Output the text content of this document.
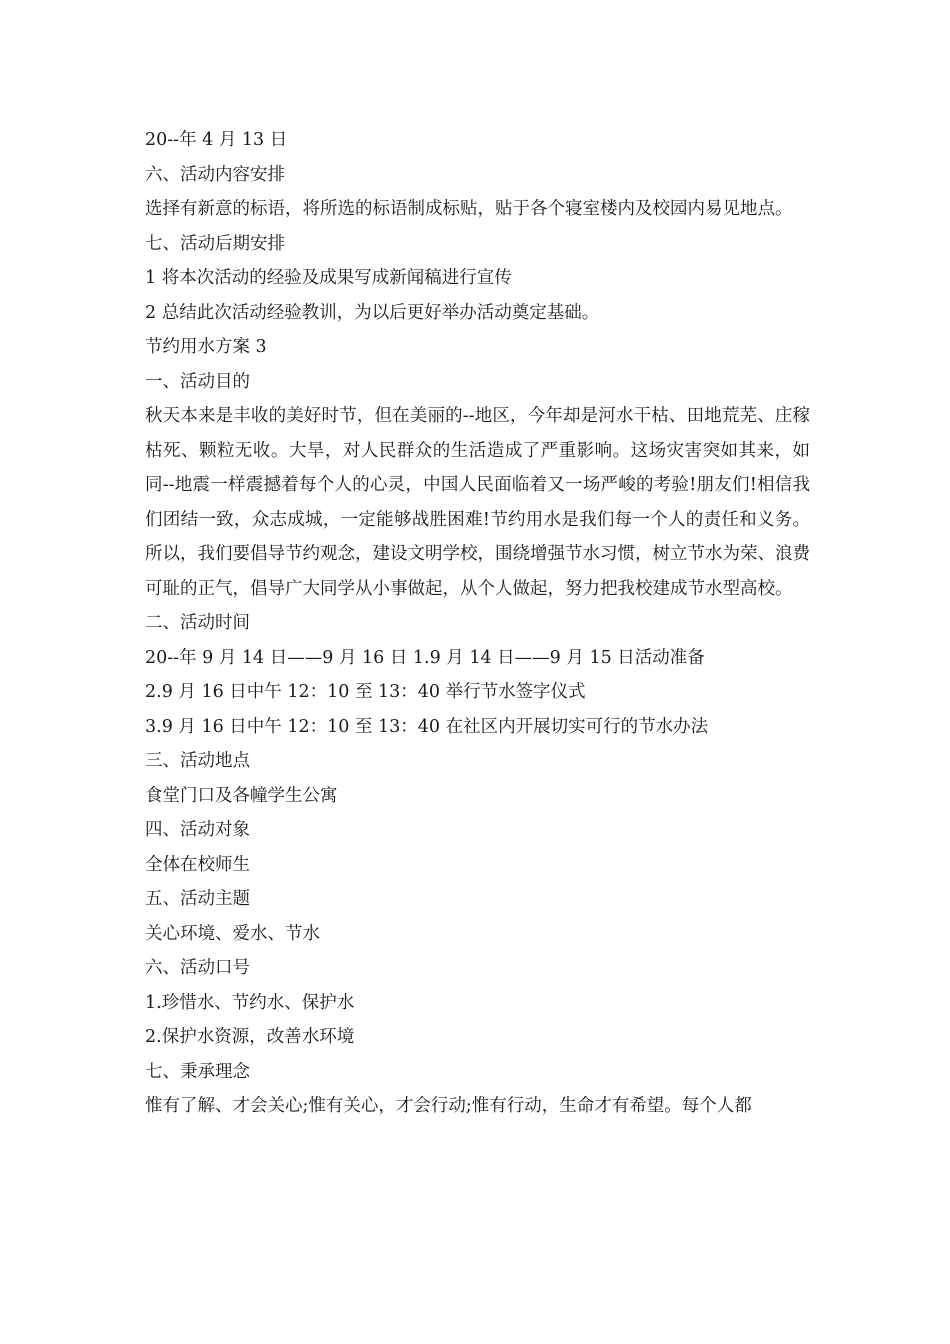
20--年 4 月 13 日

六、活动内容安排

选择有新意的标语，将所选的标语制成标贴，贴于各个寝室楼内及校园内易见地点。

七、活动后期安排

1 将本次活动的经验及成果写成新闻稿进行宣传

2 总结此次活动经验教训，为以后更好举办活动奠定基础。

节约用水方案 3

一、活动目的

秋天本来是丰收的美好时节，但在美丽的--地区，今年却是河水干枯、田地荒芜、庄稼枯死、颗粒无收。大旱，对人民群众的生活造成了严重影响。这场灾害突如其来，如同--地震一样震撼着每个人的心灵，中国人民面临着又一场严峻的考验!朋友们!相信我们团结一致，众志成城，一定能够战胜困难!节约用水是我们每一个人的责任和义务。所以，我们要倡导节约观念，建设文明学校，围绕增强节水习惯，树立节水为荣、浪费可耻的正气，倡导广大同学从小事做起，从个人做起，努力把我校建成节水型高校。

二、活动时间

20--年 9 月 14 日——9 月 16 日 1.9 月 14 日——9 月 15 日活动准备

2.9 月 16 日中午 12：10 至 13：40 举行节水签字仪式

3.9 月 16 日中午 12：10 至 13：40 在社区内开展切实可行的节水办法

三、活动地点

食堂门口及各幢学生公寓

四、活动对象

全体在校师生

五、活动主题

关心环境、爱水、节水

六、活动口号

1.珍惜水、节约水、保护水

2.保护水资源，改善水环境

七、秉承理念

惟有了解、才会关心;惟有关心，才会行动;惟有行动，生命才有希望。每个人都
